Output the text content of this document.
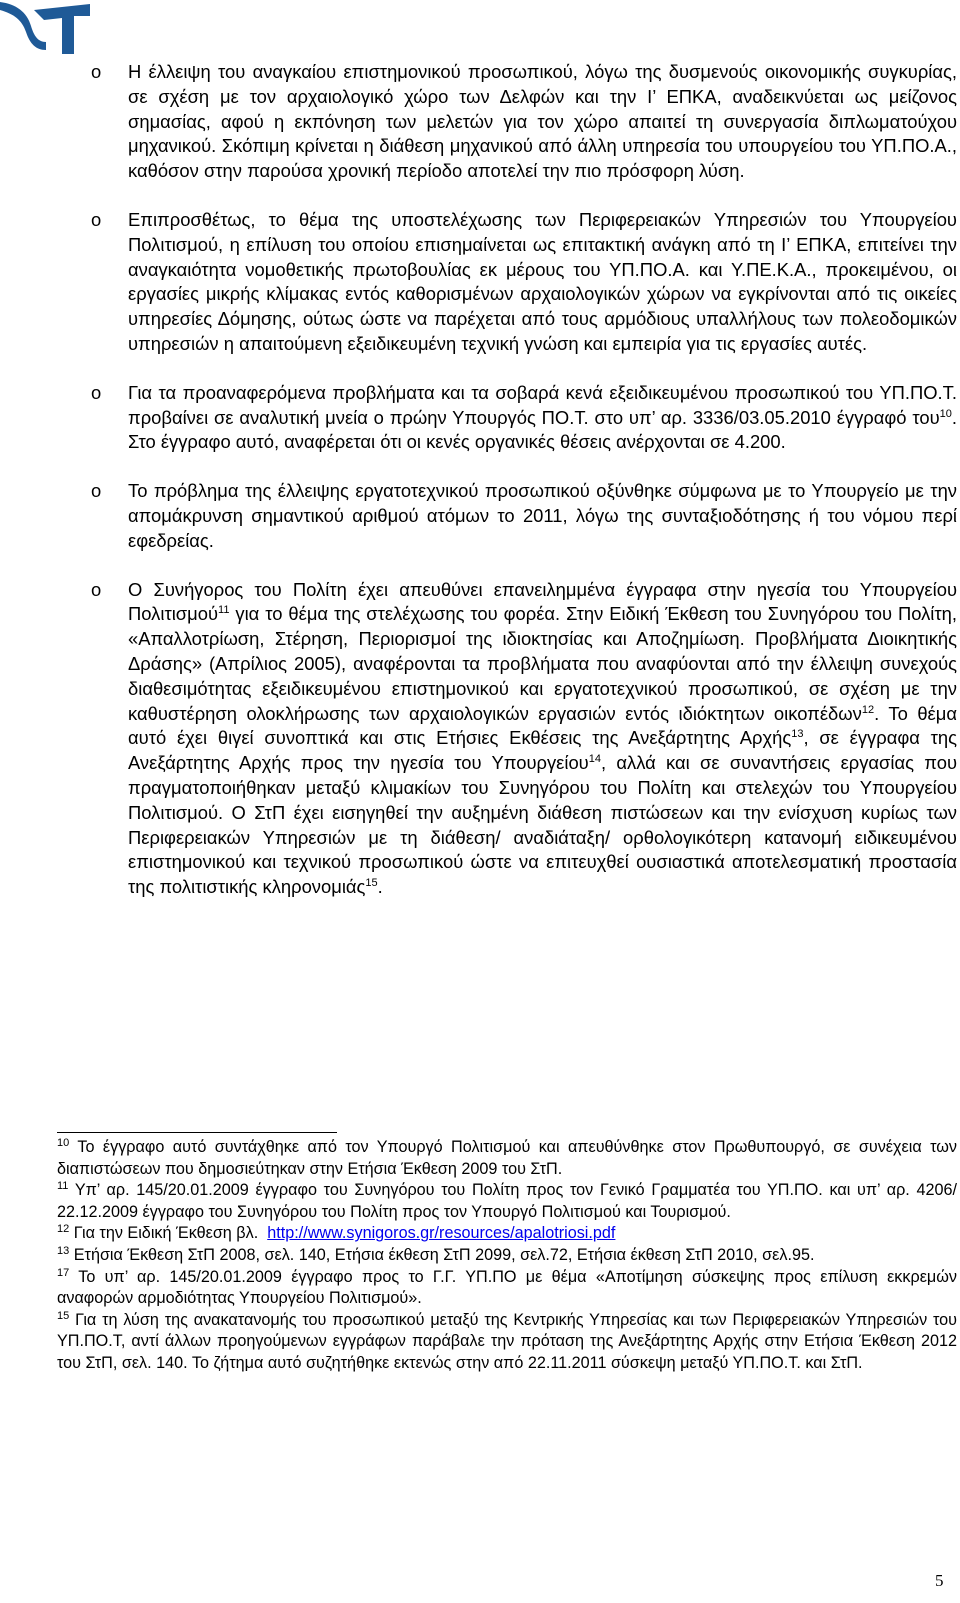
o Η έλλειψη του αναγκαίου επιστημονικού προσωπικού, λόγω της δυσμενούς οικονομικής συγκυρίας, σε σχέση με τον αρχαιολογικό χώρο των Δελφών και την Ι’ ΕΠΚΑ, αναδεικνύεται ως μείζονος σημασίας, αφού η εκπόνηση των μελετών για τον χώρο απαιτεί τη συνεργασία διπλωματούχου μηχανικού. Σκόπιμη κρίνεται η διάθεση μηχανικού από άλλη υπηρεσία του υπουργείου του ΥΠ.ΠΟ.Α., καθόσον στην παρούσα χρονική περίοδο αποτελεί την πιο πρόσφορη λύση.
o Επιπροσθέτως, το θέμα της υποστελέχωσης των Περιφερειακών Υπηρεσιών του Υπουργείου Πολιτισμού, η επίλυση του οποίου επισημαίνεται ως επιτακτική ανάγκη από τη Ι’ ΕΠΚΑ, επιτείνει την αναγκαιότητα νομοθετικής πρωτοβουλίας εκ μέρους του ΥΠ.ΠΟ.Α. και Υ.ΠΕ.Κ.Α., προκειμένου, οι εργασίες μικρής κλίμακας εντός καθορισμένων αρχαιολογικών χώρων να εγκρίνονται από τις οικείες υπηρεσίες Δόμησης, ούτως ώστε να παρέχεται από τους αρμόδιους υπαλλήλους των πολεοδομικών υπηρεσιών η απαιτούμενη εξειδικευμένη τεχνική γνώση και εμπειρία για τις εργασίες αυτές.
o Για τα προαναφερόμενα προβλήματα και τα σοβαρά κενά εξειδικευμένου προσωπικού του ΥΠ.ΠΟ.Τ. προβαίνει σε αναλυτική μνεία ο πρώην Υπουργός ΠΟ.Τ. στο υπ’ αρ. 3336/03.05.2010 έγγραφό του$^{10}$. Στο έγγραφο αυτό, αναφέρεται ότι οι κενές οργανικές θέσεις ανέρχονται σε 4.200.
o Το πρόβλημα της έλλειψης εργατοτεχνικού προσωπικού οξύνθηκε σύμφωνα με το Υπουργείο με την απομάκρυνση σημαντικού αριθμού ατόμων το 2011, λόγω της συνταξιοδότησης ή του νόμου περί εφεδρείας.
o Ο Συνήγορος του Πολίτη έχει απευθύνει επανειλημμένα έγγραφα στην ηγεσία του Υπουργείου Πολιτισμού$^{11}$ για το θέμα της στελέχωσης του φορέα. Στην Ειδική Έκθεση του Συνηγόρου του Πολίτη, «Απαλλοτρίωση, Στέρηση, Περιορισμοί της ιδιοκτησίας και Αποζημίωση. Προβλήματα Διοικητικής Δράσης» (Απρίλιος 2005), αναφέρονται τα προβλήματα που αναφύονται από την έλλειψη συνεχούς διαθεσιμότητας εξειδικευμένου επιστημονικού και εργατοτεχνικού προσωπικού, σε σχέση με την καθυστέρηση ολοκλήρωσης των αρχαιολογικών εργασιών εντός ιδιόκτητων οικοπέδων$^{12}$. Το θέμα αυτό έχει θιγεί συνοπτικά και στις Ετήσιες Εκθέσεις της Ανεξάρτητης Αρχής$^{13}$, σε έγγραφα της Ανεξάρτητης Αρχής προς την ηγεσία του Υπουργείου$^{14}$, αλλά και σε συναντήσεις εργασίας που πραγματοποιήθηκαν μεταξύ κλιμακίων του Συνηγόρου του Πολίτη και στελεχών του Υπουργείου Πολιτισμού. Ο ΣτΠ έχει εισηγηθεί την αυξημένη διάθεση πιστώσεων και την ενίσχυση κυρίως των Περιφερειακών Υπηρεσιών με τη διάθεση/ αναδιάταξη/ ορθολογικότερη κατανομή ειδικευμένου επιστημονικού και τεχνικού προσωπικού ώστε να επιτευχθεί ουσιαστικά αποτελεσματική προστασία της πολιτιστικής κληρονομιάς$^{15}$.

$^{10}$ Το έγγραφο αυτό συντάχθηκε από τον Υπουργό Πολιτισμού και απευθύνθηκε στον Πρωθυπουργό, σε συνέχεια των διαπιστώσεων που δημοσιεύτηκαν στην Ετήσια Έκθεση 2009 του ΣτΠ.

$^{11}$ Υπ’ αρ. 145/20.01.2009 έγγραφο του Συνηγόρου του Πολίτη προς τον Γενικό Γραμματέα του ΥΠ.ΠΟ. και υπ’ αρ. 4206/ 22.12.2009 έγγραφο του Συνηγόρου του Πολίτη προς τον Υπουργό Πολιτισμού και Τουρισμού.

$^{12}$ Για την Ειδική Έκθεση βλ. http://www.synigoros.gr/resources/apalotriosi.pdf

$^{13}$ Ετήσια Έκθεση ΣτΠ 2008, σελ. 140, Ετήσια έκθεση ΣτΠ 2099, σελ.72, Ετήσια έκθεση ΣτΠ 2010, σελ.95.

$^{17}$ Το υπ’ αρ. 145/20.01.2009 έγγραφο προς το Γ.Γ. ΥΠ.ΠΟ με θέμα «Αποτίμηση σύσκεψης προς επίλυση εκκρεμών αναφορών αρμοδιότητας Υπουργείου Πολιτισμού».

$^{15}$ Για τη λύση της ανακατανομής του προσωπικού μεταξύ της Κεντρικής Υπηρεσίας και των Περιφερειακών Υπηρεσιών του ΥΠ.ΠΟ.Τ, αντί άλλων προηγούμενων εγγράφων παράβαλε την πρόταση της Ανεξάρτητης Αρχής στην Ετήσια Έκθεση 2012 του ΣτΠ, σελ. 140. Το ζήτημα αυτό συζητήθηκε εκτενώς στην από 22.11.2011 σύσκεψη μεταξύ ΥΠ.ΠΟ.Τ. και ΣτΠ.

5
